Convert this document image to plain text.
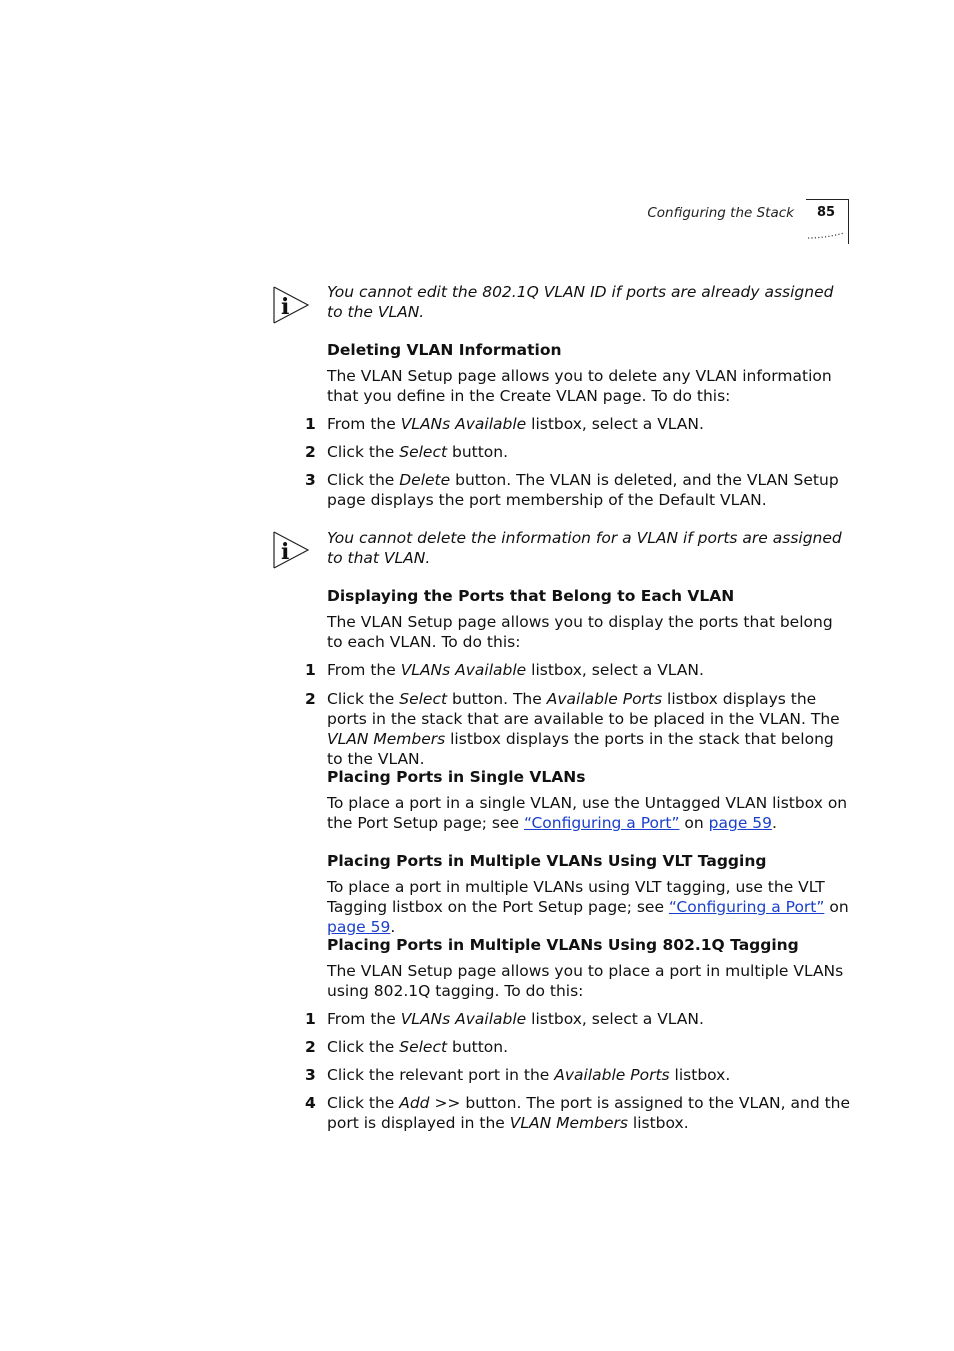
Configuring the Stack	85
i
You cannot edit the 802.1Q VLAN ID if ports are already assigned to the VLAN.
Deleting VLAN Information
The VLAN Setup page allows you to delete any VLAN information that you define in the Create VLAN page. To do this:
1 From the VLANs Available listbox, select a VLAN.
2 Click the Select button.
3 Click the Delete button. The VLAN is deleted, and the VLAN Setup page displays the port membership of the Default VLAN.
i
You cannot delete the information for a VLAN if ports are assigned to that VLAN.
Displaying the Ports that Belong to Each VLAN
The VLAN Setup page allows you to display the ports that belong to each VLAN. To do this:
1 From the VLANs Available listbox, select a VLAN.
2 Click the Select button. The Available Ports listbox displays the ports in the stack that are available to be placed in the VLAN. The VLAN Members listbox displays the ports in the stack that belong to the VLAN.
Placing Ports in Single VLANs
To place a port in a single VLAN, use the Untagged VLAN listbox on the Port Setup page; see “Configuring a Port” on page 59.
Placing Ports in Multiple VLANs Using VLT Tagging
To place a port in multiple VLANs using VLT tagging, use the VLT Tagging listbox on the Port Setup page; see “Configuring a Port” on page 59.
Placing Ports in Multiple VLANs Using 802.1Q Tagging
The VLAN Setup page allows you to place a port in multiple VLANs using 802.1Q tagging. To do this:
1 From the VLANs Available listbox, select a VLAN.
2 Click the Select button.
3 Click the relevant port in the Available Ports listbox.
4 Click the Add >> button. The port is assigned to the VLAN, and the port is displayed in the VLAN Members listbox.
